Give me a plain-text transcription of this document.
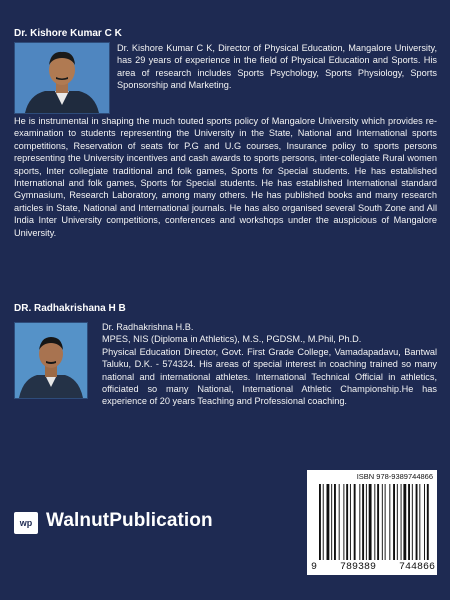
Dr. Kishore Kumar C K

Dr. Kishore Kumar C K, Director of Physical Education, Mangalore University, has 29 years of experience in the field of Physical Education and Sports. His area of research includes Sports Psychology, Sports Physiology, Sports Sponsorship and Marketing.

He is instrumental in shaping the much touted sports policy of Mangalore University which provides re-examination to students representing the University in the State, National and International sports competitions, Reservation of seats for P.G and U.G courses, Insurance policy to sports persons representing the University incentives and cash awards to sports persons, inter-collegiate Rural women sports, Inter collegiate traditional and folk games, Sports for Special students. He has established International and folk games, Sports for Special students. He has established International standard Gymnasium, Research Laboratory, among many others. He has published books and many research articles in State, National and International journals. He has also organised several South Zone and All India Inter University competitions, conferences and workshops under the auspicious of Mangalore University.

DR. Radhakrishana H B

Dr. Radhakrishna H.B.

MPES, NIS (Diploma in Athletics), M.S., PGDSM., M.Phil, Ph.D.

Physical Education Director, Govt. First Grade College, Vamadapadavu, Bantwal Taluku, D.K. - 574324. His areas of special interest in coaching trained so many national and international athletes. International Technical Official in athletics, officiated so many National, International Athletic Championship.He has experience of 20 years Teaching and Professional coaching.

wp WalnutPublication
ISBN 978-9389744866
9 789389 744866
